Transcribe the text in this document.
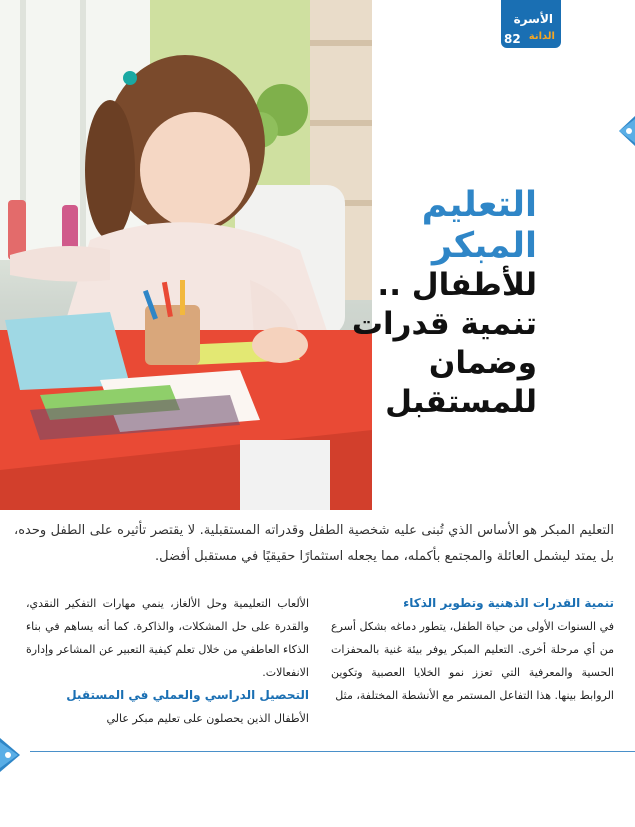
الأسرة
الدانة
82
التعليم
المبكر
للأطفال ..
تنمية قدرات
وضمان
للمستقبل
التعليم المبكر هو الأساس الذي تُبنى عليه شخصية الطفل وقدراته المستقبلية. لا يقتصر تأثيره على الطفل وحده، بل يمتد ليشمل العائلة والمجتمع بأكمله، مما يجعله استثمارًا حقيقيًا في مستقبل أفضل.
تنمية القدرات الذهنية وتطوير الذكاء
في السنوات الأولى من حياة الطفل، يتطور دماغه بشكل أسرع من أي مرحلة أخرى. التعليم المبكر يوفر بيئة غنية بالمحفزات الحسية والمعرفية التي تعزز نمو الخلايا العصبية وتكوين الروابط بينها. هذا التفاعل المستمر مع الأنشطة المختلفة، مثل
الألعاب التعليمية وحل الألغاز، ينمي مهارات التفكير النقدي، والقدرة على حل المشكلات، والذاكرة. كما أنه يساهم في بناء الذكاء العاطفي من خلال تعلم كيفية التعبير عن المشاعر وإدارة الانفعالات.
التحصيل الدراسي والعملي في المستقبل
الأطفال الذين يحصلون على تعليم مبكر عالي
